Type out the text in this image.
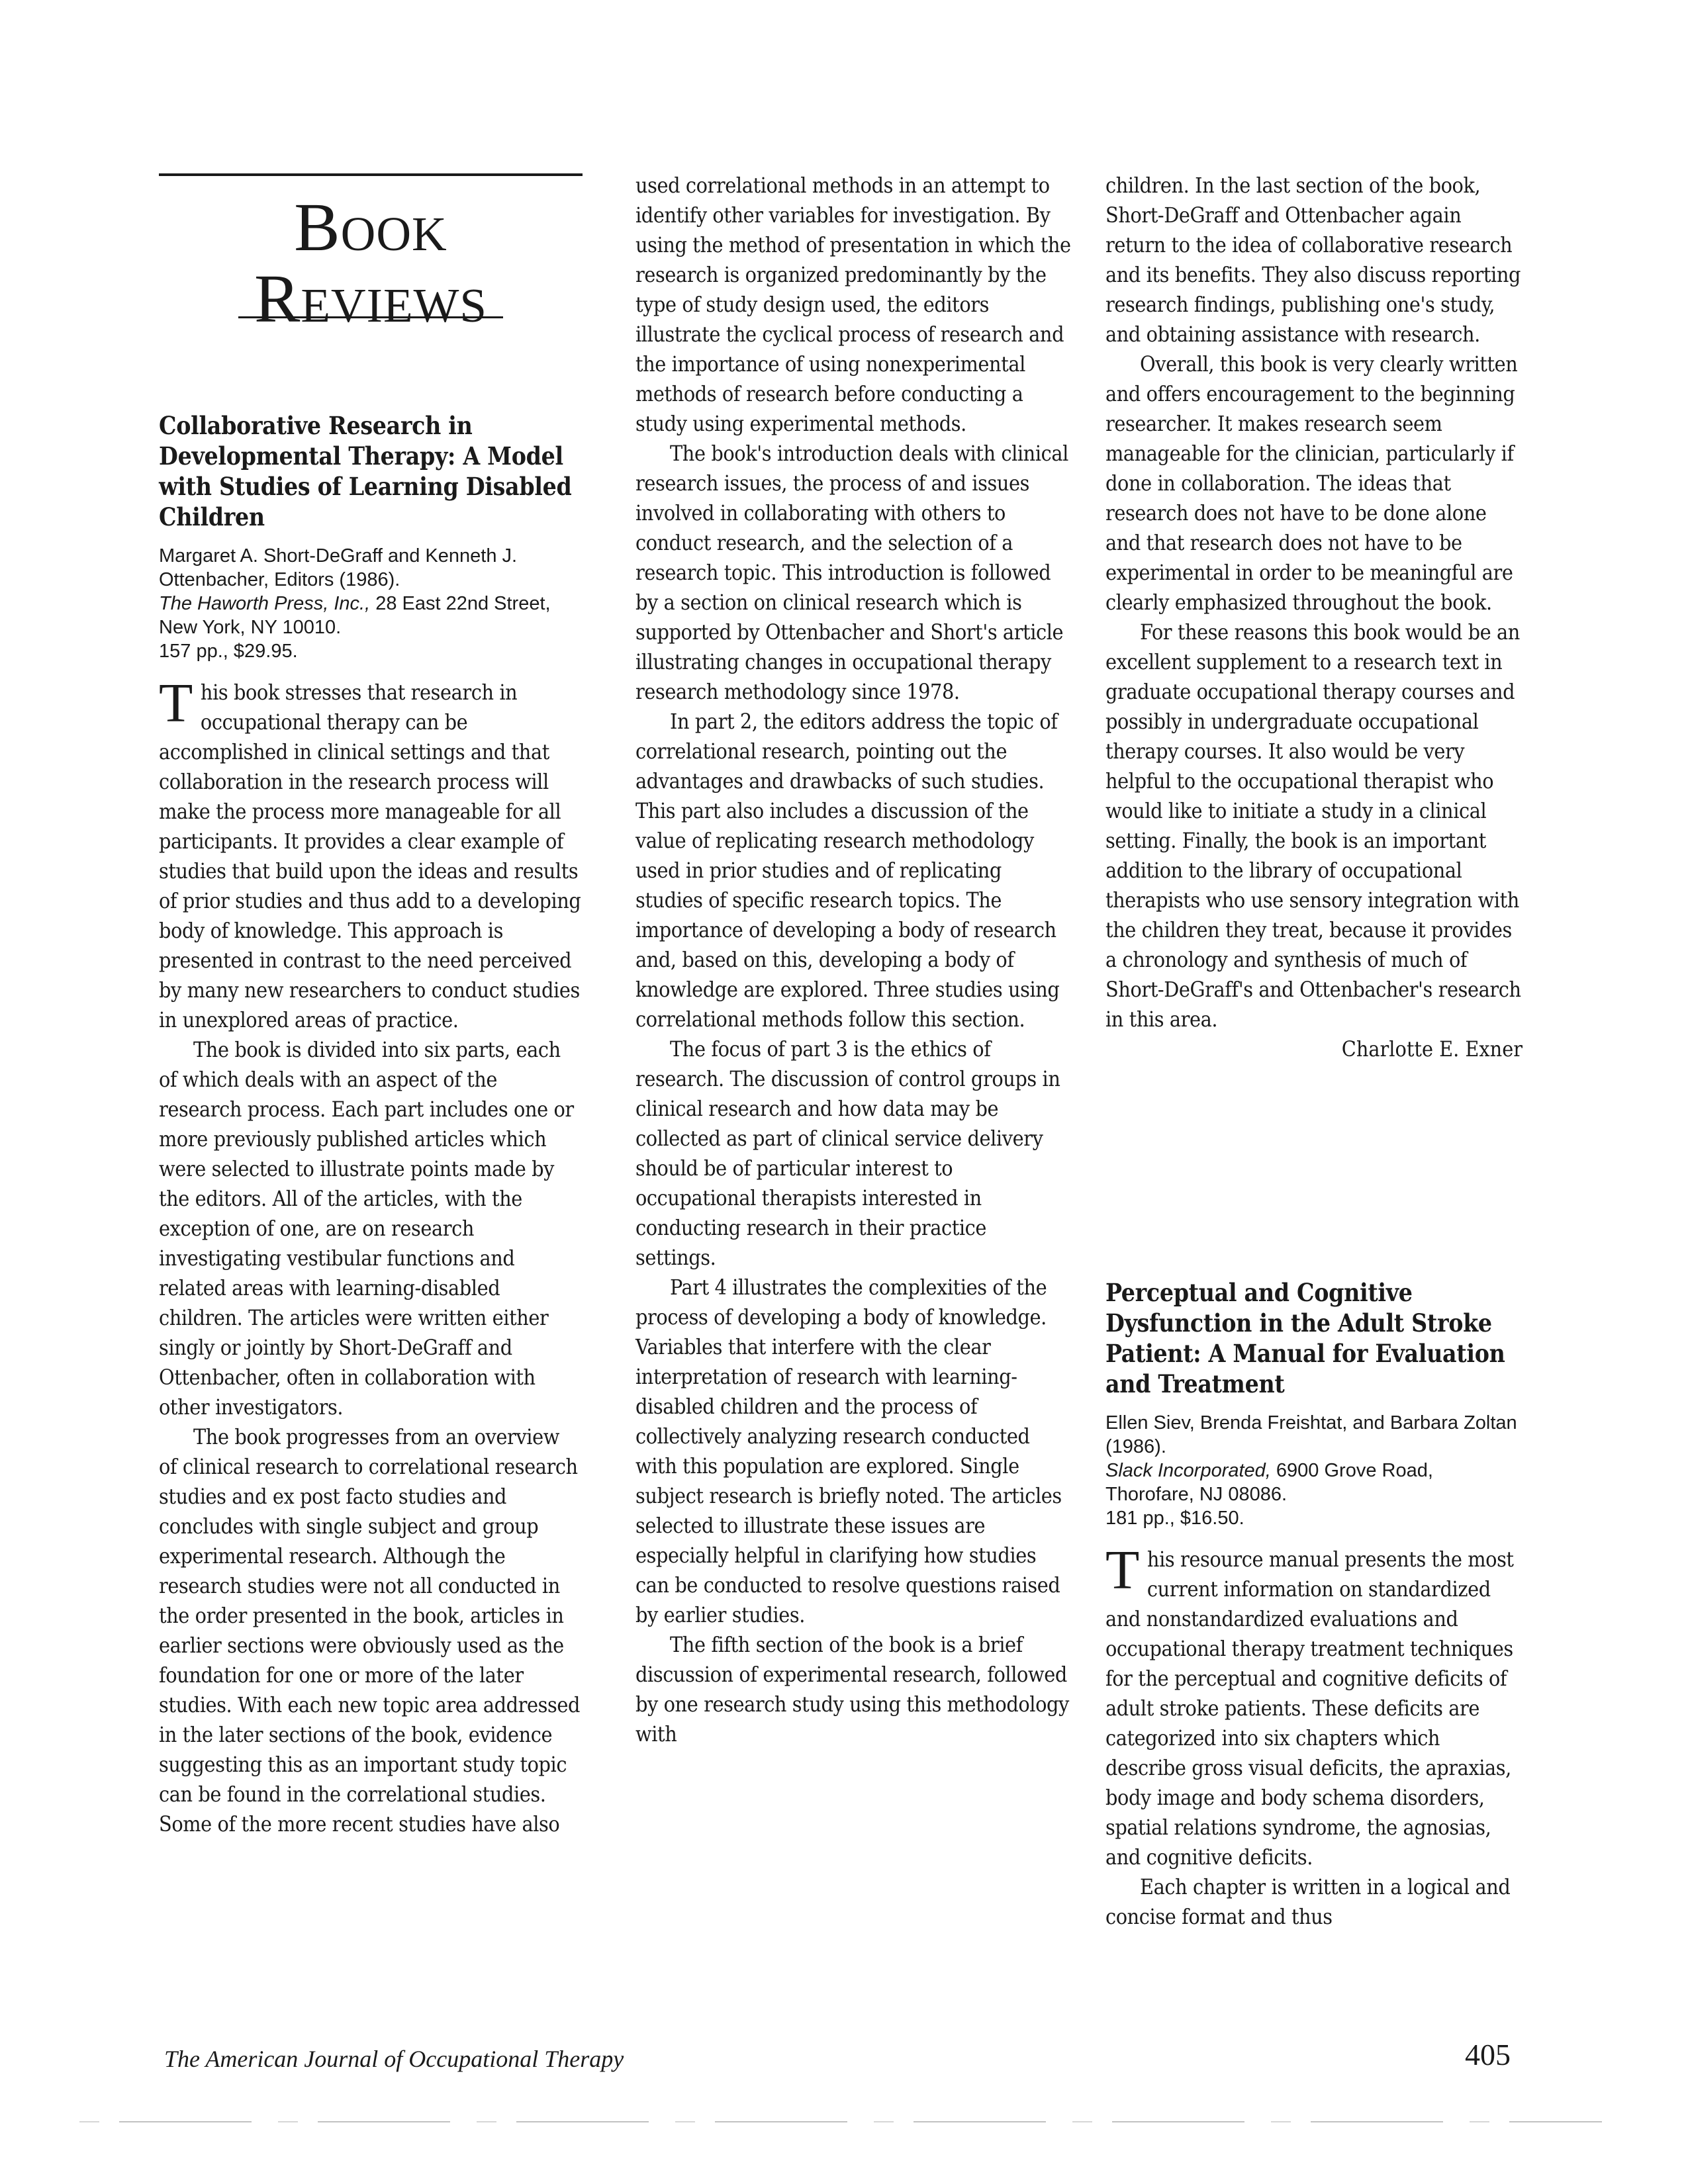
Book
Reviews
Collaborative Research in Developmental Therapy: A Model with Studies of Learning Disabled Children
Margaret A. Short-DeGraff and Kenneth J. Ottenbacher, Editors (1986).
The Haworth Press, Inc., 28 East 22nd Street, New York, NY 10010.
157 pp., $29.95.

This book stresses that research in occupational therapy can be accomplished in clinical settings and that collaboration in the research process will make the process more manageable for all participants. It provides a clear example of studies that build upon the ideas and results of prior studies and thus add to a developing body of knowledge. This approach is presented in contrast to the need perceived by many new researchers to conduct studies in unexplored areas of practice.

The book is divided into six parts, each of which deals with an aspect of the research process. Each part includes one or more previously published articles which were selected to illustrate points made by the editors. All of the articles, with the exception of one, are on research investigating vestibular functions and related areas with learning-disabled children. The articles were written either singly or jointly by Short-DeGraff and Ottenbacher, often in collaboration with other investigators.

The book progresses from an overview of clinical research to correlational research studies and ex post facto studies and concludes with single subject and group experimental research. Although the research studies were not all conducted in the order presented in the book, articles in earlier sections were obviously used as the foundation for one or more of the later studies. With each new topic area addressed in the later sections of the book, evidence suggesting this as an important study topic can be found in the correlational studies. Some of the more recent studies have also

used correlational methods in an attempt to identify other variables for investigation. By using the method of presentation in which the research is organized predominantly by the type of study design used, the editors illustrate the cyclical process of research and the importance of using nonexperimental methods of research before conducting a study using experimental methods.

The book's introduction deals with clinical research issues, the process of and issues involved in collaborating with others to conduct research, and the selection of a research topic. This introduction is followed by a section on clinical research which is supported by Ottenbacher and Short's article illustrating changes in occupational therapy research methodology since 1978.

In part 2, the editors address the topic of correlational research, pointing out the advantages and drawbacks of such studies. This part also includes a discussion of the value of replicating research methodology used in prior studies and of replicating studies of specific research topics. The importance of developing a body of research and, based on this, developing a body of knowledge are explored. Three studies using correlational methods follow this section.

The focus of part 3 is the ethics of research. The discussion of control groups in clinical research and how data may be collected as part of clinical service delivery should be of particular interest to occupational therapists interested in conducting research in their practice settings.

Part 4 illustrates the complexities of the process of developing a body of knowledge. Variables that interfere with the clear interpretation of research with learning-disabled children and the process of collectively analyzing research conducted with this population are explored. Single subject research is briefly noted. The articles selected to illustrate these issues are especially helpful in clarifying how studies can be conducted to resolve questions raised by earlier studies.

The fifth section of the book is a brief discussion of experimental research, followed by one research study using this methodology with

children. In the last section of the book, Short-DeGraff and Ottenbacher again return to the idea of collaborative research and its benefits. They also discuss reporting research findings, publishing one's study, and obtaining assistance with research.

Overall, this book is very clearly written and offers encouragement to the beginning researcher. It makes research seem manageable for the clinician, particularly if done in collaboration. The ideas that research does not have to be done alone and that research does not have to be experimental in order to be meaningful are clearly emphasized throughout the book.

For these reasons this book would be an excellent supplement to a research text in graduate occupational therapy courses and possibly in undergraduate occupational therapy courses. It also would be very helpful to the occupational therapist who would like to initiate a study in a clinical setting. Finally, the book is an important addition to the library of occupational therapists who use sensory integration with the children they treat, because it provides a chronology and synthesis of much of Short-DeGraff's and Ottenbacher's research in this area.

Charlotte E. Exner
Perceptual and Cognitive Dysfunction in the Adult Stroke Patient: A Manual for Evaluation and Treatment
Ellen Siev, Brenda Freishtat, and Barbara Zoltan (1986).
Slack Incorporated, 6900 Grove Road, Thorofare, NJ 08086.
181 pp., $16.50.

This resource manual presents the most current information on standardized and nonstandardized evaluations and occupational therapy treatment techniques for the perceptual and cognitive deficits of adult stroke patients. These deficits are categorized into six chapters which describe gross visual deficits, the apraxias, body image and body schema disorders, spatial relations syndrome, the agnosias, and cognitive deficits.

Each chapter is written in a logical and concise format and thus

The American Journal of Occupational Therapy	405
